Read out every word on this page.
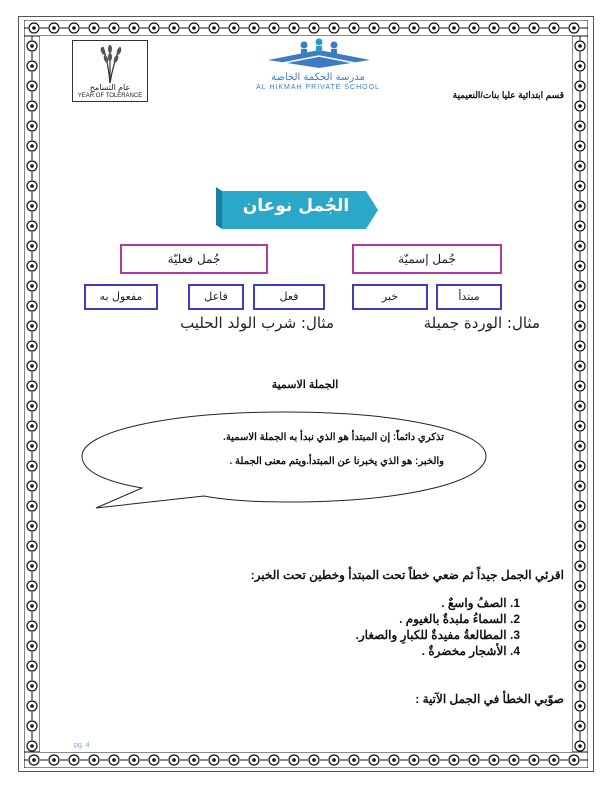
عام التسامح
YEAR OF TOLERANCE
مدرسة الحكمة الخاصة
AL HIKMAH PRIVATE SCHOOL
قسم ابتدائية عليا بنات/النعيمية
الجُمل نوعان
جُمل فعليّة	جُمل إسميّة
مفعول به	فاعل	فعل	خبر	مبتدأ
مثال: الوردة جميلة
مثال: شرب الولد الحليب
الجملة الاسمية
تذكري دائماً: إن المبتدأ هو الذي نبدأ به الجملة الاسمية.
والخبر: هو الذي يخبرنا عن المبتدأ.ويتم معنى الجملة .
اقرئي الجمل جيداً ثم ضعي خطاً تحت المبتدأ وخطين تحت الخبر:
1. الصفُ واسعٌ .
2. السماءُ ملبدةٌ بالغيوم .
3. المطالعةُ مفيدةٌ للكبارِ والصغار.
4. الأشجار مخضرةٌ .
صوّبي الخطأ في الجمل الآتية :
pg. 4
